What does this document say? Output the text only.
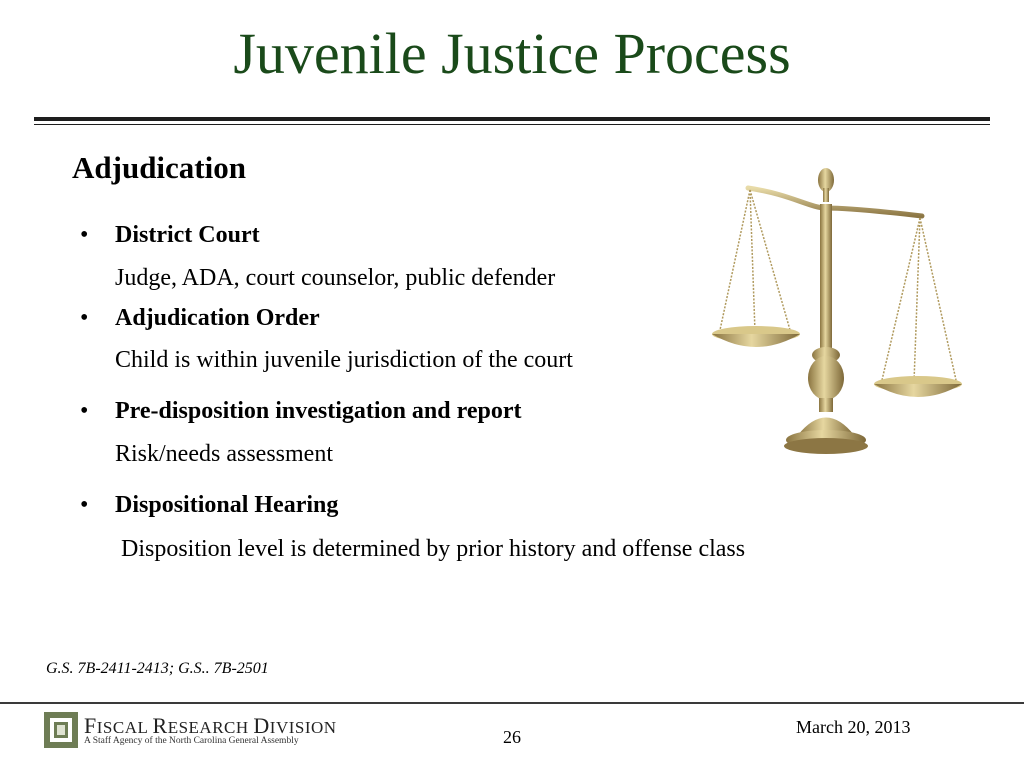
Juvenile Justice Process
Adjudication
• District Court
Judge, ADA, court counselor, public defender
• Adjudication Order
Child is within juvenile jurisdiction of the court
• Pre-disposition investigation and report
Risk/needs assessment
• Dispositional Hearing
Disposition level is determined by prior history and offense class
G.S. 7B-2411-2413; G.S.. 7B-2501
FISCAL RESEARCH DIVISION
A Staff Agency of the North Carolina General Assembly	26	March 20, 2013
